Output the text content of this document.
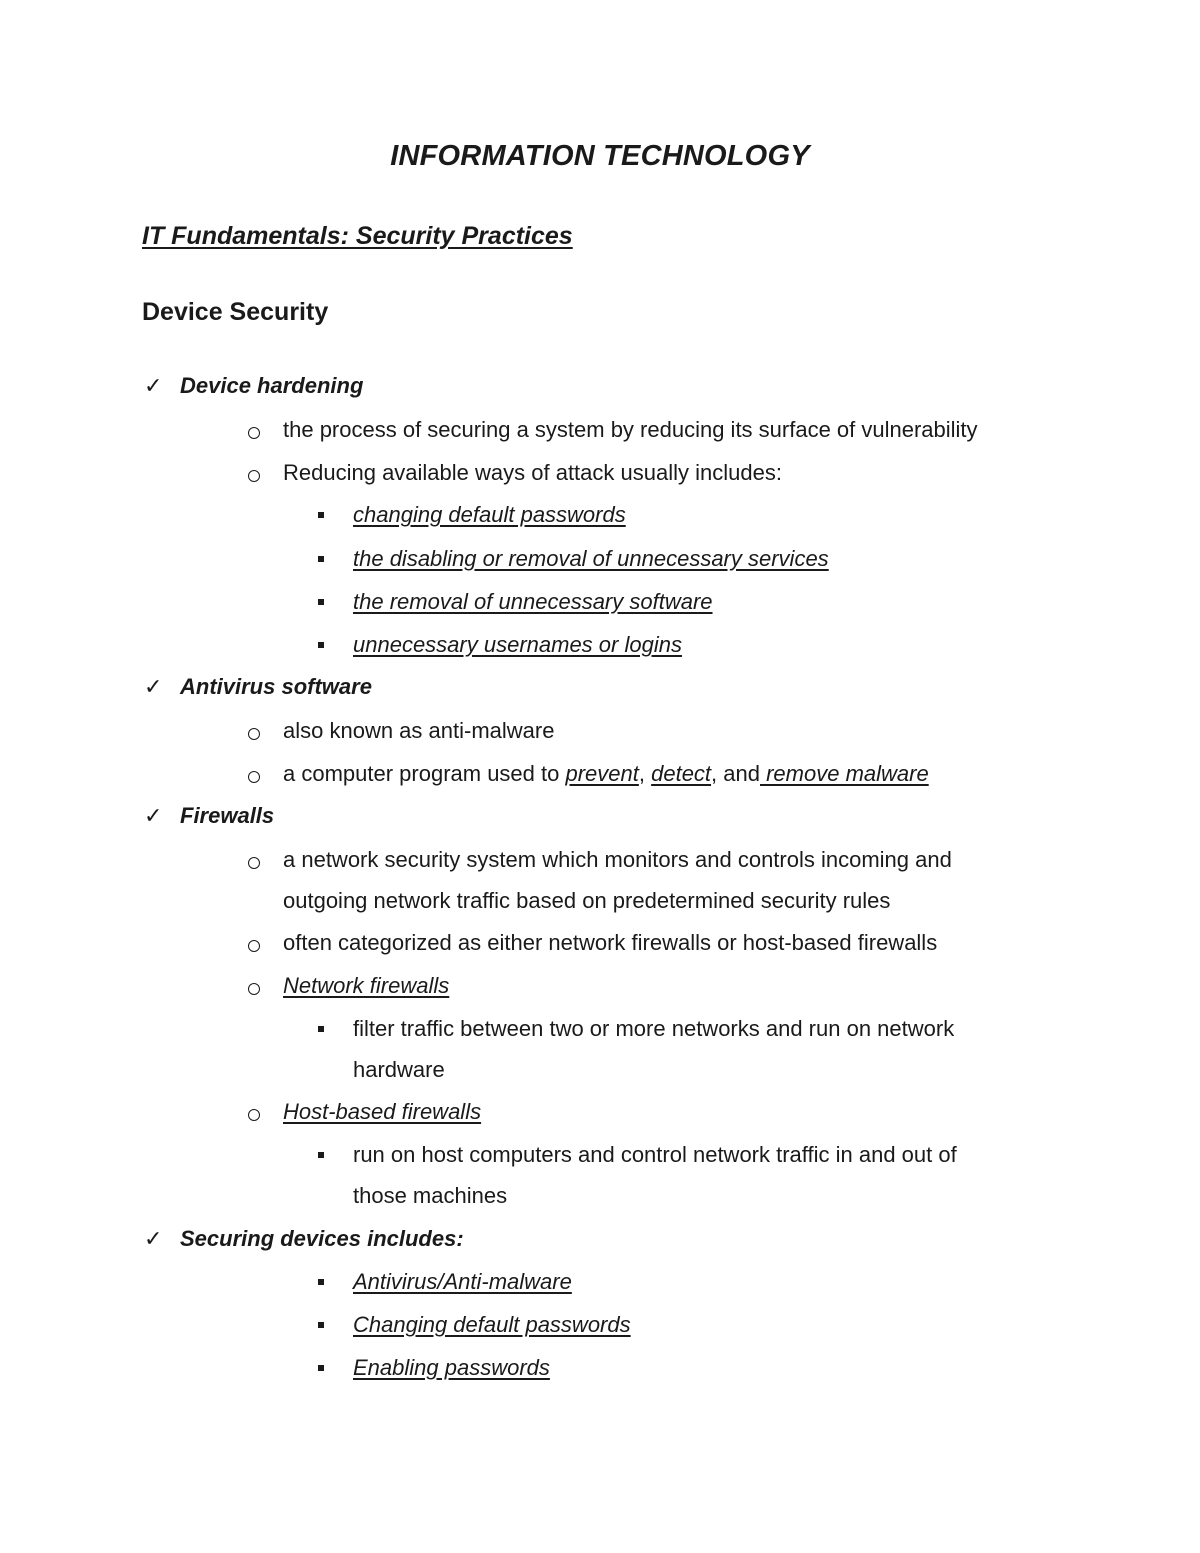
INFORMATION TECHNOLOGY
IT Fundamentals: Security Practices
Device Security
✓ Device hardening
the process of securing a system by reducing its surface of vulnerability
Reducing available ways of attack usually includes:
changing default passwords
the disabling or removal of unnecessary services
the removal of unnecessary software
unnecessary usernames or logins
✓ Antivirus software
also known as anti-malware
a computer program used to prevent, detect, and remove malware
✓ Firewalls
a network security system which monitors and controls incoming and
outgoing network traffic based on predetermined security rules
often categorized as either network firewalls or host-based firewalls
Network firewalls
filter traffic between two or more networks and run on network
hardware
Host-based firewalls
run on host computers and control network traffic in and out of
those machines
✓ Securing devices includes:
Antivirus/Anti-malware
Changing default passwords
Enabling passwords
